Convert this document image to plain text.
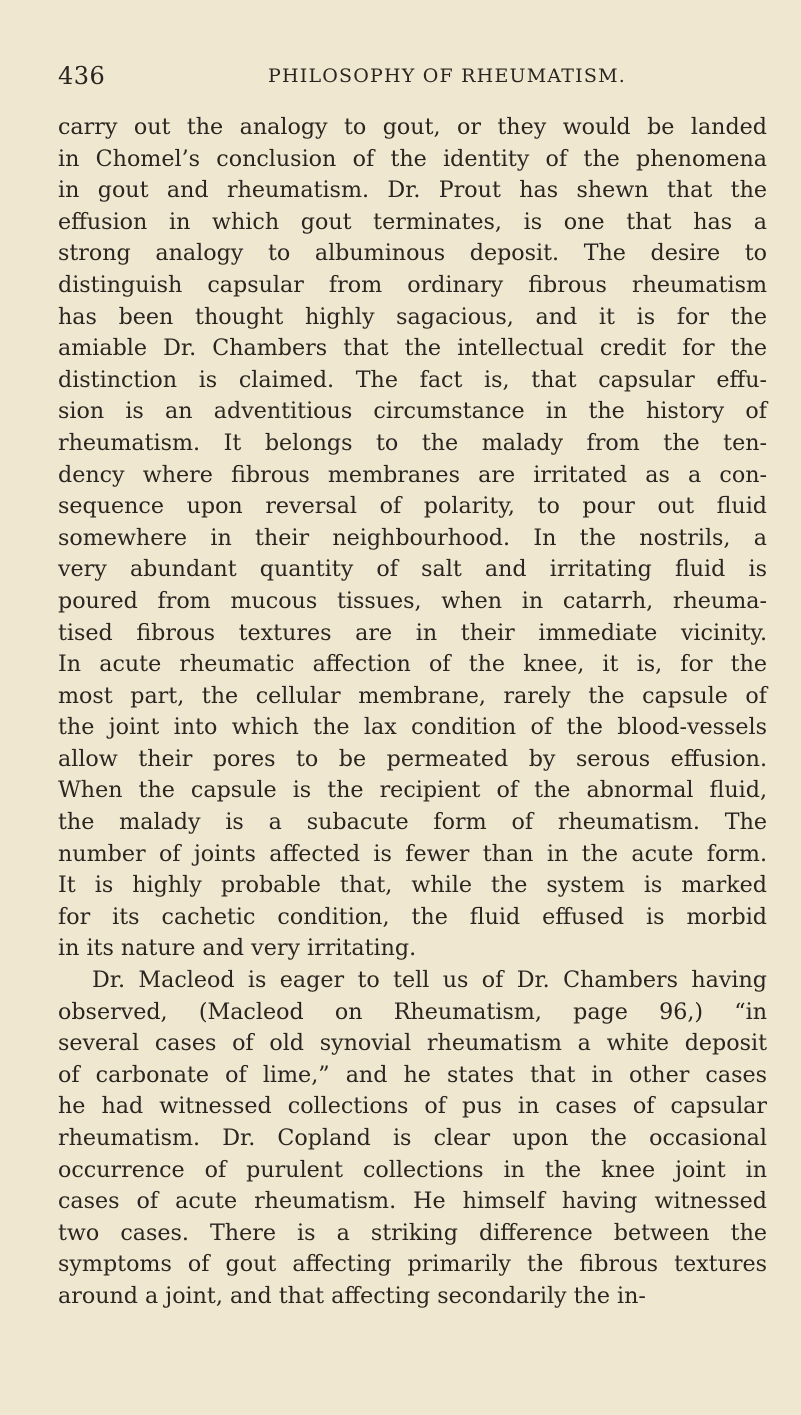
436	PHILOSOPHY OF RHEUMATISM.
carry out the analogy to gout, or they would be landed
in Chomel’s conclusion of the identity of the phenomena
in gout and rheumatism. Dr. Prout has shewn that the
effusion in which gout terminates, is one that has a
strong analogy to albuminous deposit. The desire to
distinguish capsular from ordinary fibrous rheumatism
has been thought highly sagacious, and it is for the
amiable Dr. Chambers that the intellectual credit for the
distinction is claimed. The fact is, that capsular effu-
sion is an adventitious circumstance in the history of
rheumatism. It belongs to the malady from the ten-
dency where fibrous membranes are irritated as a con-
sequence upon reversal of polarity, to pour out fluid
somewhere in their neighbourhood. In the nostrils, a
very abundant quantity of salt and irritating fluid is
poured from mucous tissues, when in catarrh, rheuma-
tised fibrous textures are in their immediate vicinity.
In acute rheumatic affection of the knee, it is, for the
most part, the cellular membrane, rarely the capsule of
the joint into which the lax condition of the blood-vessels
allow their pores to be permeated by serous effusion.
When the capsule is the recipient of the abnormal fluid,
the malady is a subacute form of rheumatism. The
number of joints affected is fewer than in the acute form.
It is highly probable that, while the system is marked
for its cachetic condition, the fluid effused is morbid
in its nature and very irritating.
Dr. Macleod is eager to tell us of Dr. Chambers having
observed, (Macleod on Rheumatism, page 96,) “in
several cases of old synovial rheumatism a white deposit
of carbonate of lime,” and he states that in other cases
he had witnessed collections of pus in cases of capsular
rheumatism. Dr. Copland is clear upon the occasional
occurrence of purulent collections in the knee joint in
cases of acute rheumatism. He himself having witnessed
two cases. There is a striking difference between the
symptoms of gout affecting primarily the fibrous textures
around a joint, and that affecting secondarily the in-
